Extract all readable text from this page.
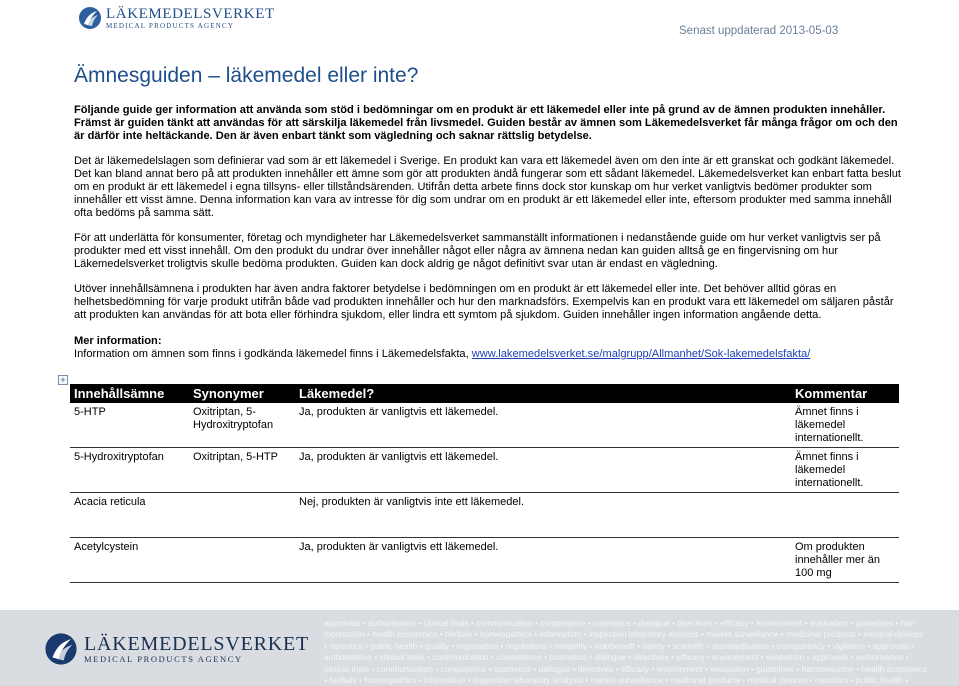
LÄKEMEDELSVERKET
MEDICAL PRODUCTS AGENCY	Senast uppdaterad 2013-05-03
Ämnesguiden – läkemedel eller inte?

Följande guide ger information att använda som stöd i bedömningar om en produkt är ett läkemedel eller inte på grund av de ämnen produkten innehåller. Främst är guiden tänkt att användas för att särskilja läkemedel från livsmedel. Guiden består av ämnen som Läkemedelsverket får många frågor om och den är därför inte heltäckande. Den är även enbart tänkt som vägledning och saknar rättslig betydelse.

Det är läkemedelslagen som definierar vad som är ett läkemedel i Sverige. En produkt kan vara ett läkemedel även om den inte är ett granskat och godkänt läkemedel. Det kan bland annat bero på att produkten innehåller ett ämne som gör att produkten ändå fungerar som ett sådant läkemedel. Läkemedelsverket kan enbart fatta beslut om en produkt är ett läkemedel i egna tillsyns- eller tillståndsärenden. Utifrån detta arbete finns dock stor kunskap om hur verket vanligtvis bedömer produkter som innehåller ett visst ämne. Denna information kan vara av intresse för dig som undrar om en produkt är ett läkemedel eller inte, eftersom produkter med samma innehåll ofta bedöms på samma sätt.

För att underlätta för konsumenter, företag och myndigheter har Läkemedelsverket sammanställt informationen i nedanstående guide om hur verket vanligtvis ser på produkter med ett visst innehåll. Om den produkt du undrar över innehåller något eller några av ämnena nedan kan guiden alltså ge en fingervisning om hur Läkemedelsverket troligtvis skulle bedöma produkten. Guiden kan dock aldrig ge något definitivt svar utan är endast en vägledning.

Utöver innehållsämnena i produkten har även andra faktorer betydelse i bedömningen om en produkt är ett läkemedel eller inte. Det behöver alltid göras en helhetsbedömning för varje produkt utifrån både vad produkten innehåller och hur den marknadsförs. Exempelvis kan en produkt vara ett läkemedel om säljaren påstår att produkten kan användas för att bota eller förhindra sjukdom, eller lindra ett symtom på sjukdom. Guiden innehåller ingen information angående detta.

Mer information:
Information om ämnen som finns i godkända läkemedel finns i Läkemedelsfakta, www.lakemedelsverket.se/malgrupp/Allmanhet/Sok-lakemedelsfakta/
+
Innehållsämne	Synonymer	Läkemedel?	Kommentar
5-HTP	Oxitriptan, 5-Hydroxitryptofan	Ja, produkten är vanligtvis ett läkemedel.	Ämnet finns i läkemedel internationellt.
5-Hydroxitryptofan	Oxitriptan, 5-HTP	Ja, produkten är vanligtvis ett läkemedel.	Ämnet finns i läkemedel internationellt.
Acacia reticula		Nej, produkten är vanligtvis inte ett läkemedel.	
Acetylcystein		Ja, produkten är vanligtvis ett läkemedel.	Om produkten innehåller mer än 100 mg
LÄKEMEDELSVERKET
MEDICAL PRODUCTS AGENCY
approvals • authorisation • clinical trials • communication • competence • cosmetics • dialogue • directives • efficacy • environment • evaluation • guidelines • har-
monisation • health economics • herbals • homeopathics • information • inspection laboratory analysis • market surveillance • medicinal products • medical devices
• narcotics • public health • quality • registration • regulations • reliability • risk/benefit • safety • scientific • standardisation • transparency • vigilance • approvals •
authorisation • clinical trials • communication • competence • cosmetics • dialogue • directives • efficacy • environment • evaluation • approvals • authorisation •
clinical trials • communication • competence • cosmetics • dialogue • directives • efficacy • environment • evaluation • guidelines • harmonisation • health economics
• herbals • homeopathics • information • inspection laboratory analysis • market surveillance • medicinal products • medical devices • narcotics • public health •
